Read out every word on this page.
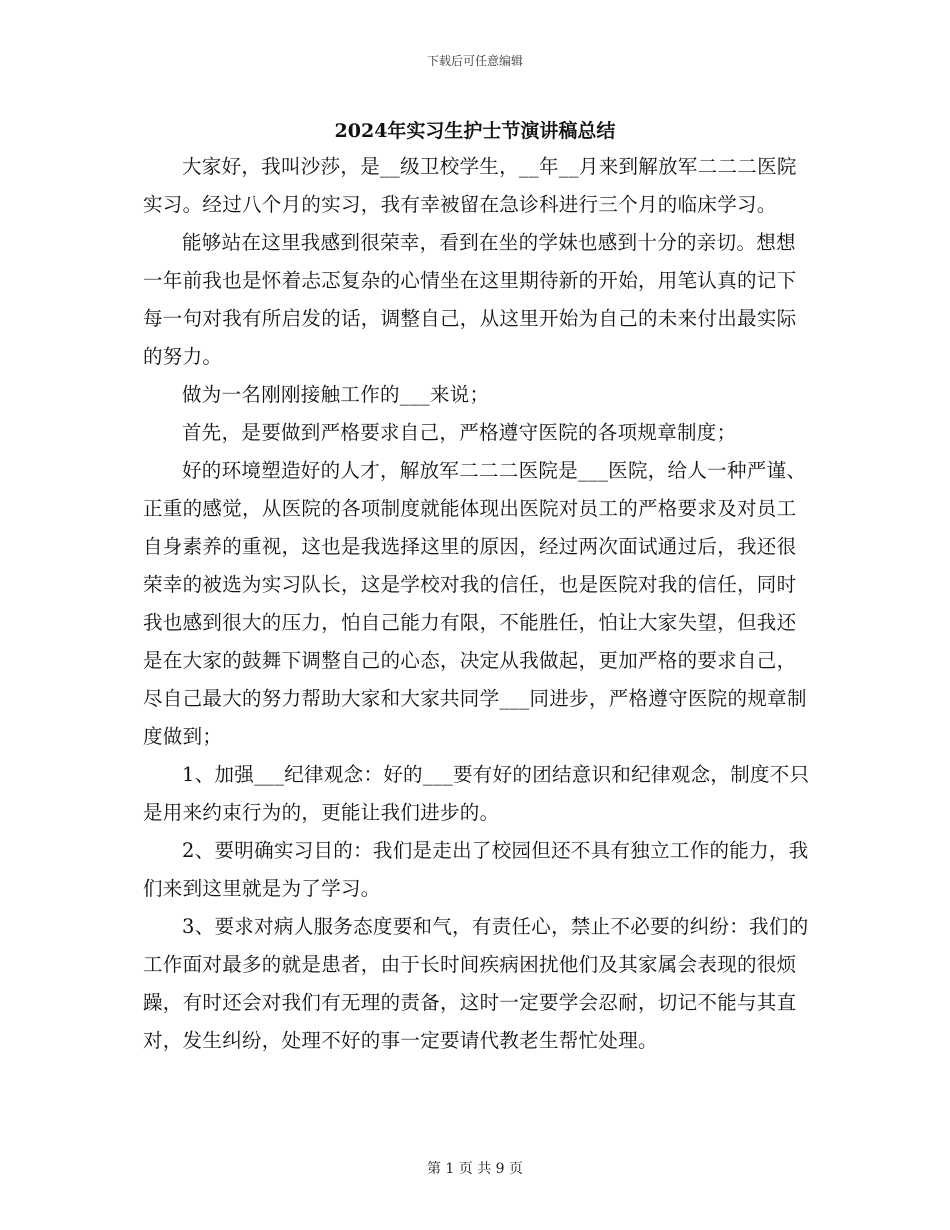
下载后可任意编辑
2024年实习生护士节演讲稿总结

大家好，我叫沙莎，是__级卫校学生，__年__月来到解放军二二二医院实习。经过八个月的实习，我有幸被留在急诊科进行三个月的临床学习。

能够站在这里我感到很荣幸，看到在坐的学妹也感到十分的亲切。想想一年前我也是怀着忐忑复杂的心情坐在这里期待新的开始，用笔认真的记下每一句对我有所启发的话，调整自己，从这里开始为自己的未来付出最实际的努力。

做为一名刚刚接触工作的___来说；

首先，是要做到严格要求自己，严格遵守医院的各项规章制度；

好的环境塑造好的人才，解放军二二二医院是___医院，给人一种严谨、正重的感觉，从医院的各项制度就能体现出医院对员工的严格要求及对员工自身素养的重视，这也是我选择这里的原因，经过两次面试通过后，我还很荣幸的被选为实习队长，这是学校对我的信任，也是医院对我的信任，同时我也感到很大的压力，怕自己能力有限，不能胜任，怕让大家失望，但我还是在大家的鼓舞下调整自己的心态，决定从我做起，更加严格的要求自己，尽自己最大的努力帮助大家和大家共同学___同进步，严格遵守医院的规章制度做到；

1、加强___纪律观念：好的___要有好的团结意识和纪律观念，制度不只是用来约束行为的，更能让我们进步的。

2、要明确实习目的：我们是走出了校园但还不具有独立工作的能力，我们来到这里就是为了学习。

3、要求对病人服务态度要和气，有责任心，禁止不必要的纠纷：我们的工作面对最多的就是患者，由于长时间疾病困扰他们及其家属会表现的很烦躁，有时还会对我们有无理的责备，这时一定要学会忍耐，切记不能与其直对，发生纠纷，处理不好的事一定要请代教老生帮忙处理。

第 1 页 共 9 页
